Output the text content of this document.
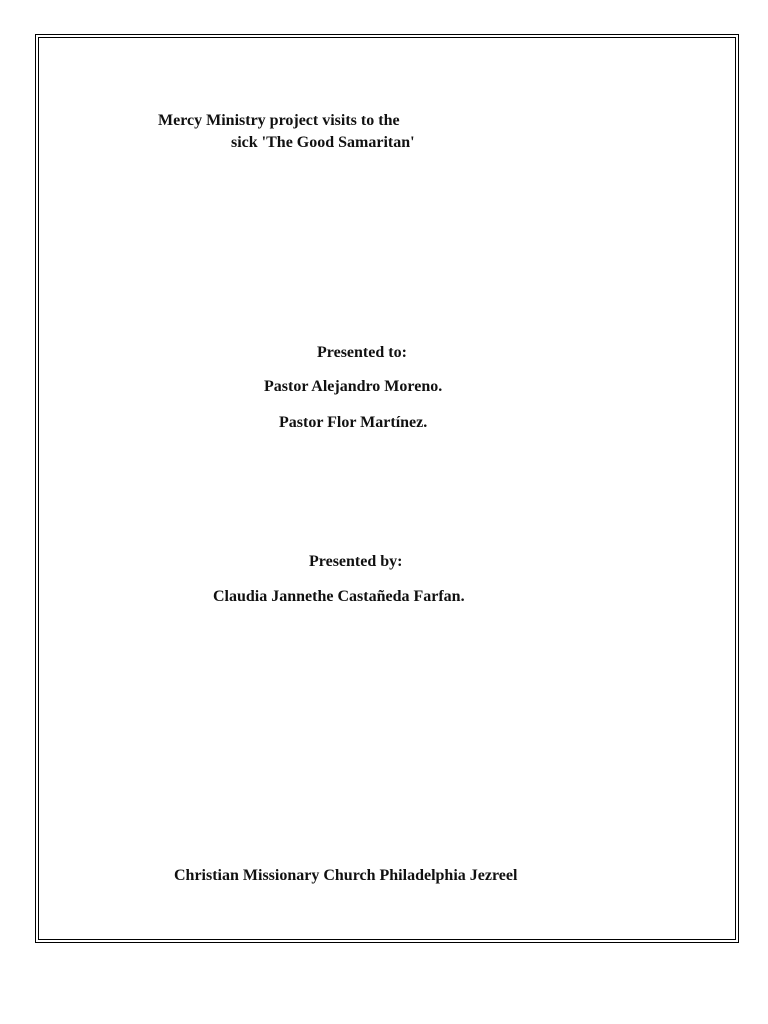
Mercy Ministry project visits to the
sick 'The Good Samaritan'
Presented to:
Pastor Alejandro Moreno.
Pastor Flor Martínez.
Presented by:
Claudia Jannethe Castañeda Farfan.
Christian Missionary Church Philadelphia Jezreel
